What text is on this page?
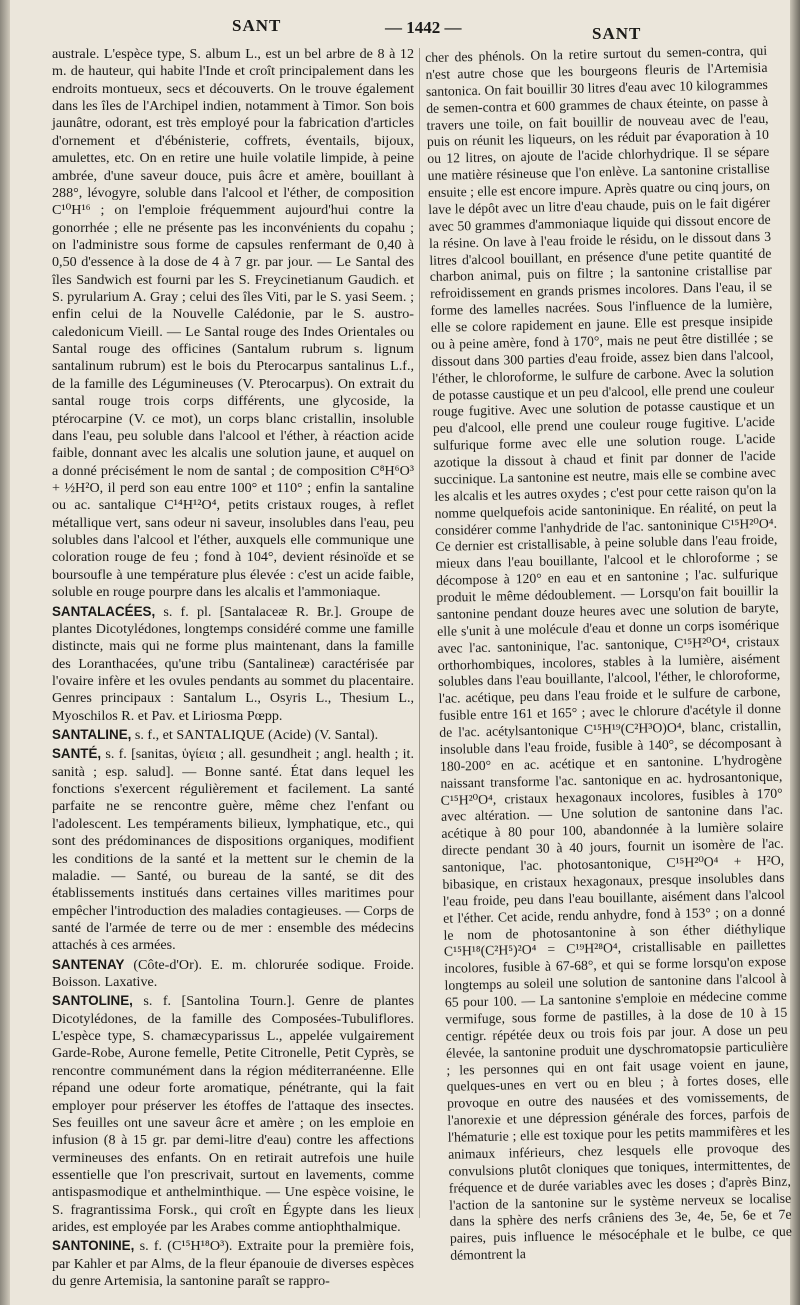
SANT	— 1442 —	SANT

australe. L'espèce type, S. album L., est un bel arbre de 8 à 12 m. de hauteur, qui habite l'Inde et croît principalement dans les endroits montueux, secs et découverts. On le trouve également dans les îles de l'Archipel indien, notamment à Timor. Son bois jaunâtre, odorant, est très employé pour la fabrication d'articles d'ornement et d'ébénisterie, coffrets, éventails, bijoux, amulettes, etc. On en retire une huile volatile limpide, à peine ambrée, d'une saveur douce, puis âcre et amère, bouillant à 288°, lévogyre, soluble dans l'alcool et l'éther, de composition C¹⁰H¹⁶ ; on l'emploie fréquemment aujourd'hui contre la gonorrhée ; elle ne présente pas les inconvénients du copahu ; on l'administre sous forme de capsules renfermant de 0,40 à 0,50 d'essence à la dose de 4 à 7 gr. par jour. — Le Santal des îles Sandwich est fourni par les S. Freycinetianum Gaudich. et S. pyrularium A. Gray ; celui des îles Viti, par le S. yasi Seem. ; enfin celui de la Nouvelle Calédonie, par le S. austro-caledonicum Vieill. — Le Santal rouge des Indes Orientales ou Santal rouge des officines (Santalum rubrum s. lignum santalinum rubrum) est le bois du Pterocarpus santalinus L.f., de la famille des Légumineuses (V. Pterocarpus). On extrait du santal rouge trois corps différents, une glycoside, la ptérocarpine (V. ce mot), un corps blanc cristallin, insoluble dans l'eau, peu soluble dans l'alcool et l'éther, à réaction acide faible, donnant avec les alcalis une solution jaune, et auquel on a donné précisément le nom de santal ; de composition C⁸H⁶O³ + ½H²O, il perd son eau entre 100° et 110° ; enfin la santaline ou ac. santalique C¹⁴H¹²O⁴, petits cristaux rouges, à reflet métallique vert, sans odeur ni saveur, insolubles dans l'eau, peu solubles dans l'alcool et l'éther, auxquels elle communique une coloration rouge de feu ; fond à 104°, devient résinoïde et se boursoufle à une température plus élevée : c'est un acide faible, soluble en rouge pourpre dans les alcalis et l'ammoniaque.

SANTALACÉES, s. f. pl. [Santalaceæ R. Br.]. Groupe de plantes Dicotylédones, longtemps considéré comme une famille distincte, mais qui ne forme plus maintenant, dans la famille des Loranthacées, qu'une tribu (Santalineæ) caractérisée par l'ovaire infère et les ovules pendants au sommet du placentaire. Genres principaux : Santalum L., Osyris L., Thesium L., Myoschilos R. et Pav. et Liriosma Pœpp.

SANTALINE, s. f., et SANTALIQUE (Acide) (V. Santal).

SANTÉ, s. f. [sanitas, ὑγίεια ; all. gesundheit ; angl. health ; it. sanità ; esp. salud]. — Bonne santé. État dans lequel les fonctions s'exercent régulièrement et facilement. La santé parfaite ne se rencontre guère, même chez l'enfant ou l'adolescent. Les tempéraments bilieux, lymphatique, etc., qui sont des prédominances de dispositions organiques, modifient les conditions de la santé et la mettent sur le chemin de la maladie. — Santé, ou bureau de la santé, se dit des établissements institués dans certaines villes maritimes pour empêcher l'introduction des maladies contagieuses. — Corps de santé de l'armée de terre ou de mer : ensemble des médecins attachés à ces armées.

SANTENAY (Côte-d'Or). E. m. chlorurée sodique. Froide. Boisson. Laxative.

SANTOLINE, s. f. [Santolina Tourn.]. Genre de plantes Dicotylédones, de la famille des Composées-Tubuliflores. L'espèce type, S. chamæcyparissus L., appelée vulgairement Garde-Robe, Aurone femelle, Petite Citronelle, Petit Cyprès, se rencontre communément dans la région méditerranéenne. Elle répand une odeur forte aromatique, pénétrante, qui la fait employer pour préserver les étoffes de l'attaque des insectes. Ses feuilles ont une saveur âcre et amère ; on les emploie en infusion (8 à 15 gr. par demi-litre d'eau) contre les affections vermineuses des enfants. On en retirait autrefois une huile essentielle que l'on prescrivait, surtout en lavements, comme antispasmodique et anthelminthique. — Une espèce voisine, le S. fragrantissima Forsk., qui croît en Égypte dans les lieux arides, est employée par les Arabes comme antiophthalmique.

SANTONINE, s. f. (C¹⁵H¹⁸O³). Extraite pour la première fois, par Kahler et par Alms, de la fleur épanouie de diverses espèces du genre Artemisia, la santonine paraît se rappro-

cher des phénols. On la retire surtout du semen-contra, qui n'est autre chose que les bourgeons fleuris de l'Artemisia santonica. On fait bouillir 30 litres d'eau avec 10 kilogrammes de semen-contra et 600 grammes de chaux éteinte, on passe à travers une toile, on fait bouillir de nouveau avec de l'eau, puis on réunit les liqueurs, on les réduit par évaporation à 10 ou 12 litres, on ajoute de l'acide chlorhydrique. Il se sépare une matière résineuse que l'on enlève. La santonine cristallise ensuite ; elle est encore impure. Après quatre ou cinq jours, on lave le dépôt avec un litre d'eau chaude, puis on le fait digérer avec 50 grammes d'ammoniaque liquide qui dissout encore de la résine. On lave à l'eau froide le résidu, on le dissout dans 3 litres d'alcool bouillant, en présence d'une petite quantité de charbon animal, puis on filtre ; la santonine cristallise par refroidissement en grands prismes incolores. Dans l'eau, il se forme des lamelles nacrées. Sous l'influence de la lumière, elle se colore rapidement en jaune. Elle est presque insipide ou à peine amère, fond à 170°, mais ne peut être distillée ; se dissout dans 300 parties d'eau froide, assez bien dans l'alcool, l'éther, le chloroforme, le sulfure de carbone. Avec la solution de potasse caustique et un peu d'alcool, elle prend une couleur rouge fugitive. Avec une solution de potasse caustique et un peu d'alcool, elle prend une couleur rouge fugitive. L'acide sulfurique forme avec elle une solution rouge. L'acide azotique la dissout à chaud et finit par donner de l'acide succinique. La santonine est neutre, mais elle se combine avec les alcalis et les autres oxydes ; c'est pour cette raison qu'on la nomme quelquefois acide santoninique. En réalité, on peut la considérer comme l'anhydride de l'ac. santoninique C¹⁵H²⁰O⁴. Ce dernier est cristallisable, à peine soluble dans l'eau froide, mieux dans l'eau bouillante, l'alcool et le chloroforme ; se décompose à 120° en eau et en santonine ; l'ac. sulfurique produit le même dédoublement. — Lorsqu'on fait bouillir la santonine pendant douze heures avec une solution de baryte, elle s'unit à une molécule d'eau et donne un corps isomérique avec l'ac. santoninique, l'ac. santonique, C¹⁵H²⁰O⁴, cristaux orthorhombiques, incolores, stables à la lumière, aisément solubles dans l'eau bouillante, l'alcool, l'éther, le chloroforme, l'ac. acétique, peu dans l'eau froide et le sulfure de carbone, fusible entre 161 et 165° ; avec le chlorure d'acétyle il donne de l'ac. acétylsantonique C¹⁵H¹⁹(C²H³O)O⁴, blanc, cristallin, insoluble dans l'eau froide, fusible à 140°, se décomposant à 180-200° en ac. acétique et en santonine. L'hydrogène naissant transforme l'ac. santonique en ac. hydrosantonique, C¹⁵H²⁰O⁴, cristaux hexagonaux incolores, fusibles à 170° avec altération. — Une solution de santonine dans l'ac. acétique à 80 pour 100, abandonnée à la lumière solaire directe pendant 30 à 40 jours, fournit un isomère de l'ac. santonique, l'ac. photosantonique, C¹⁵H²⁰O⁴ + H²O, bibasique, en cristaux hexagonaux, presque insolubles dans l'eau froide, peu dans l'eau bouillante, aisément dans l'alcool et l'éther. Cet acide, rendu anhydre, fond à 153° ; on a donné le nom de photosantonine à son éther diéthylique C¹⁵H¹⁸(C²H⁵)²O⁴ = C¹⁹H²⁸O⁴, cristallisable en paillettes incolores, fusible à 67-68°, et qui se forme lorsqu'on expose longtemps au soleil une solution de santonine dans l'alcool à 65 pour 100. — La santonine s'emploie en médecine comme vermifuge, sous forme de pastilles, à la dose de 10 à 15 centigr. répétée deux ou trois fois par jour. A dose un peu élevée, la santonine produit une dyschromatopsie particulière ; les personnes qui en ont fait usage voient en jaune, quelques-unes en vert ou en bleu ; à fortes doses, elle provoque en outre des nausées et des vomissements, de l'anorexie et une dépression générale des forces, parfois de l'hématurie ; elle est toxique pour les petits mammifères et les animaux inférieurs, chez lesquels elle provoque des convulsions plutôt cloniques que toniques, intermittentes, de fréquence et de durée variables avec les doses ; d'après Binz, l'action de la santonine sur le système nerveux se localise dans la sphère des nerfs crâniens des 3e, 4e, 5e, 6e et 7e paires, puis influence le mésocéphale et le bulbe, ce que démontrent la
